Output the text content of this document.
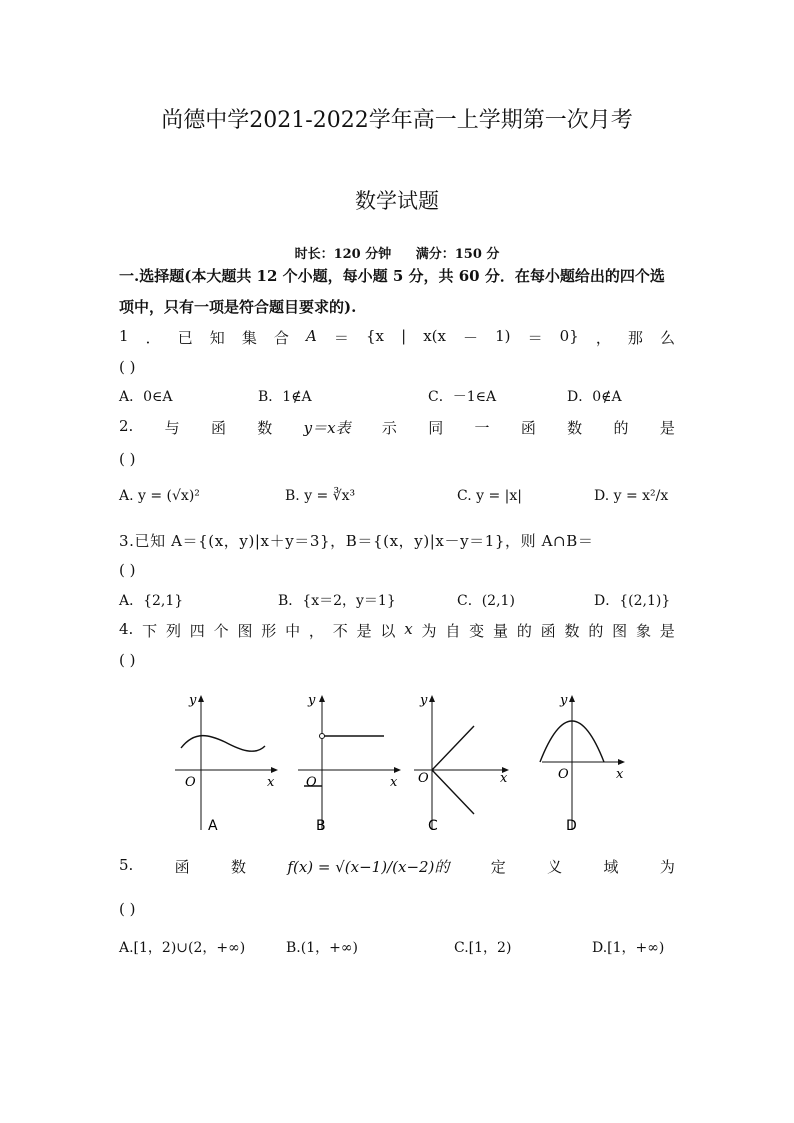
尚德中学2021-2022学年高一上学期第一次月考
数学试题
时长：120 分钟 满分：150 分
一.选择题(本大题共 12 个小题，每小题 5 分，共 60 分．在每小题给出的四个选
项中，只有一项是符合题目要求的).
1 ． 已 知 集 合 A ＝ {x | x(x － 1) ＝ 0} ， 那 么
( )
A．0∈A	B．1∉A	C．－1∈A	D．0∉A
2. 与 函 数 y＝x表 示 同 一 函 数 的 是
( )
A. y = (√x)²	B. y = ∛x³	C. y = |x|	D. y = x²/x
3.已知 A＝{(x，y)|x＋y＝3}，B＝{(x，y)|x－y＝1}，则 A∩B＝
( )
A．{2,1}	B．{x＝2，y＝1}	C．(2,1)	D．{(2,1)}
4. 下 列 四 个 图 形 中 ， 不 是 以 x 为 自 变 量 的 函 数 的 图 象 是
( )
y
x
O
A
y
x
O
B
y
x
O
C
y
x
O
D
5.	函	数	f(x) = √(x−1)/(x−2)的	定	义	域	为
( )
A.[1，2)∪(2，+∞)	B.(1，+∞)	C.[1，2)	D.[1，+∞)
